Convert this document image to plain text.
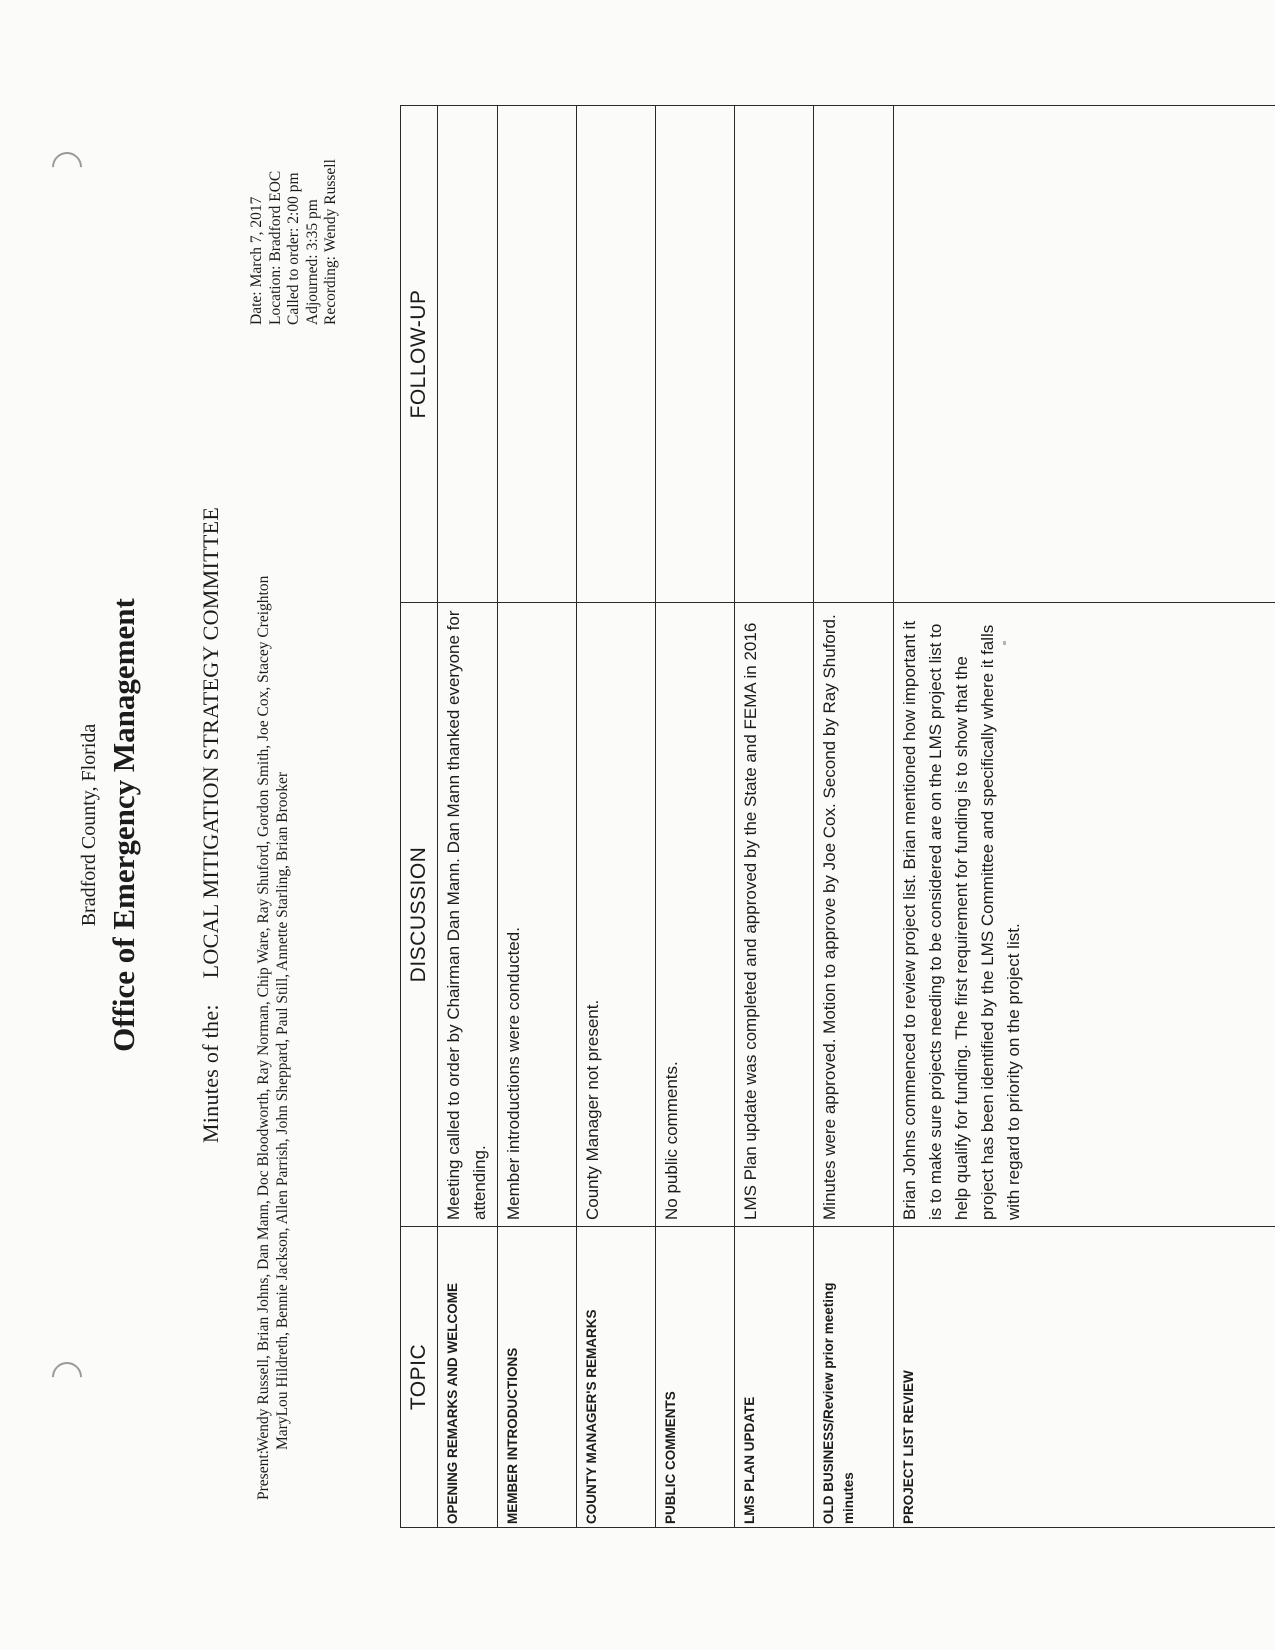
Bradford County, Florida Office of Emergency Management
Minutes of the: LOCAL MITIGATION STRATEGY COMMITTEE
Present:Wendy Russell, Brian Johns, Dan Mann, Doc Bloodworth, Ray Norman, Chip Ware, Ray Shuford, Gordon Smith, Joe Cox, Stacey Creighton MaryLou Hildreth, Bennie Jackson, Allen Parrish, John Sheppard, Paul Still, Annette Starling, Brian Brooker
Date:March 7, 2017
Location:Bradford EOC
Called to order:2:00 pm
Adjourned:3:35 pm
Recording:Wendy Russell
TOPIC	DISCUSSION	FOLLOW-UP
OPENING REMARKS AND WELCOME	Meeting called to order by Chairman Dan Mann. Dan Mann thanked everyone for attending.	
MEMBER INTRODUCTIONS	Member introductions were conducted.	
COUNTY MANAGER'S REMARKS	County Manager not present.	
PUBLIC COMMENTS	No public comments.	
LMS PLAN UPDATE	LMS Plan update was completed and approved by the State and FEMA in 2016	
OLD BUSINESS/Review prior meeting minutes	Minutes were approved. Motion to approve by Joe Cox. Second by Ray Shuford.	
PROJECT LIST REVIEW	Brian Johns commenced to review project list. Brian mentioned how important it is to make sure projects needing to be considered are on the LMS project list to help qualify for funding. The first requirement for funding is to show that the project has been identified by the LMS Committee and specifically where it falls with regard to priority on the project list.	
